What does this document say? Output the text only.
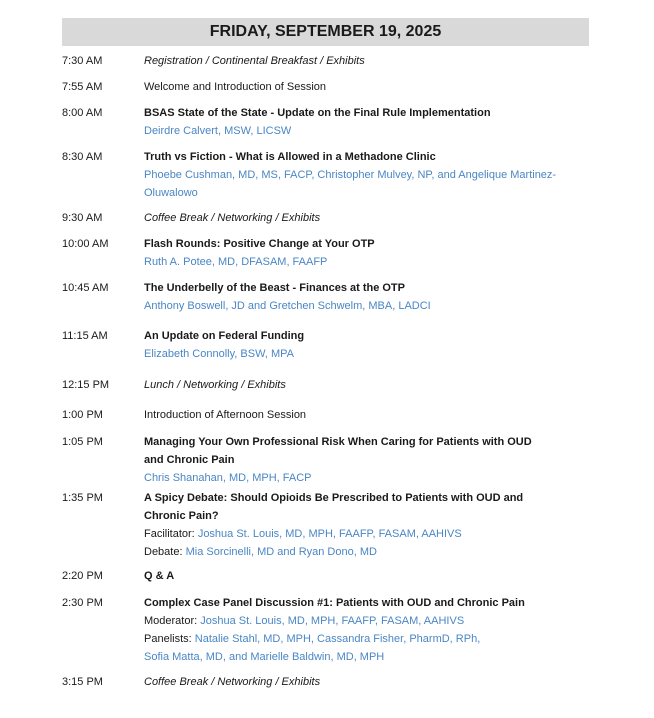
FRIDAY, SEPTEMBER 19, 2025
7:30 AM	Registration / Continental Breakfast / Exhibits
7:55 AM	Welcome and Introduction of Session
8:00 AM	BSAS State of the State - Update on the Final Rule Implementation
Deirdre Calvert, MSW, LICSW
8:30 AM	Truth vs Fiction - What is Allowed in a Methadone Clinic
Phoebe Cushman, MD, MS, FACP, Christopher Mulvey, NP, and Angelique Martinez-
Oluwalowo
9:30 AM	Coffee Break / Networking / Exhibits
10:00 AM	Flash Rounds: Positive Change at Your OTP
Ruth A. Potee, MD, DFASAM, FAAFP
10:45 AM	The Underbelly of the Beast - Finances at the OTP
Anthony Boswell, JD and Gretchen Schwelm, MBA, LADCI
11:15 AM	An Update on Federal Funding
Elizabeth Connolly, BSW, MPA
12:15 PM	Lunch / Networking / Exhibits
1:00 PM	Introduction of Afternoon Session
1:05 PM	Managing Your Own Professional Risk When Caring for Patients with OUD
and Chronic Pain
Chris Shanahan, MD, MPH, FACP
1:35 PM	A Spicy Debate: Should Opioids Be Prescribed to Patients with OUD and
Chronic Pain?
Facilitator: Joshua St. Louis, MD, MPH, FAAFP, FASAM, AAHIVS
Debate: Mia Sorcinelli, MD and Ryan Dono, MD
2:20 PM	Q & A
2:30 PM	Complex Case Panel Discussion #1: Patients with OUD and Chronic Pain
Moderator: Joshua St. Louis, MD, MPH, FAAFP, FASAM, AAHIVS
Panelists: Natalie Stahl, MD, MPH, Cassandra Fisher, PharmD, RPh,
Sofia Matta, MD, and Marielle Baldwin, MD, MPH
3:15 PM	Coffee Break / Networking / Exhibits
